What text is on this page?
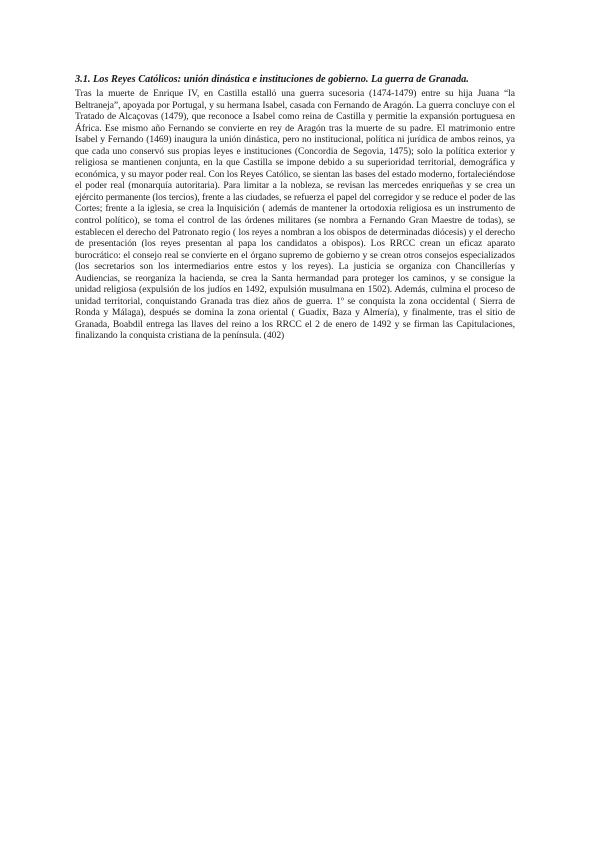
3.1. Los Reyes Católicos: unión dinástica e instituciones de gobierno. La guerra de Granada.

Tras la muerte de Enrique IV, en Castilla estalló una guerra sucesoria (1474-1479) entre su hija Juana “la Beltraneja”, apoyada por Portugal, y su hermana Isabel, casada con Fernando de Aragón. La guerra concluye con el Tratado de Alcaçovas (1479), que reconoce a Isabel como reina de Castilla y permitie la expansión portuguesa en África. Ese mismo año Fernando se convierte en rey de Aragón tras la muerte de su padre. El matrimonio entre Isabel y Fernando (1469) inaugura la unión dinástica, pero no institucional, política ni jurídica de ambos reinos, ya que cada uno conservó sus propias leyes e instituciones (Concordia de Segovia, 1475); solo la política exterior y religiosa se mantienen conjunta, en la que Castilla se impone debido a su superioridad territorial, demográfica y económica, y su mayor poder real. Con los Reyes Católico, se sientan las bases del estado moderno, fortaleciéndose el poder real (monarquía autoritaria). Para limitar a la nobleza, se revisan las mercedes enriqueñas y se crea un ejército permanente (los tercios), frente a las ciudades, se refuerza el papel del corregidor y se reduce el poder de las Cortes; frente a la iglesia, se crea la Inquisición ( además de mantener la ortodoxia religiosa es un instrumento de control político), se toma el control de las órdenes militares (se nombra a Fernando Gran Maestre de todas), se establecen el derecho del Patronato regio ( los reyes a nombran a los obispos de determinadas diócesis) y el derecho de presentación (los reyes presentan al papa los candidatos a obispos). Los RRCC crean un eficaz aparato burocrático: el consejo real se convierte en el órgano supremo de gobierno y se crean otros consejos especializados (los secretarios son los intermediarios entre estos y los reyes). La justicia se organiza con Chancillerías y Audiencias, se reorganiza la hacienda, se crea la Santa hermandad para proteger los caminos, y se consigue la unidad religiosa (expulsión de los judíos en 1492, expulsión musulmana en 1502). Además, culmina el proceso de unidad territorial, conquistando Granada tras diez años de guerra. 1º se conquista la zona occidental ( Sierra de Ronda y Málaga), después se domina la zona oriental ( Guadix, Baza y Almería), y finalmente, tras el sitio de Granada, Boabdil entrega las llaves del reino a los RRCC el 2 de enero de 1492 y se firman las Capitulaciones, finalizando la conquista cristiana de la península. (402)
